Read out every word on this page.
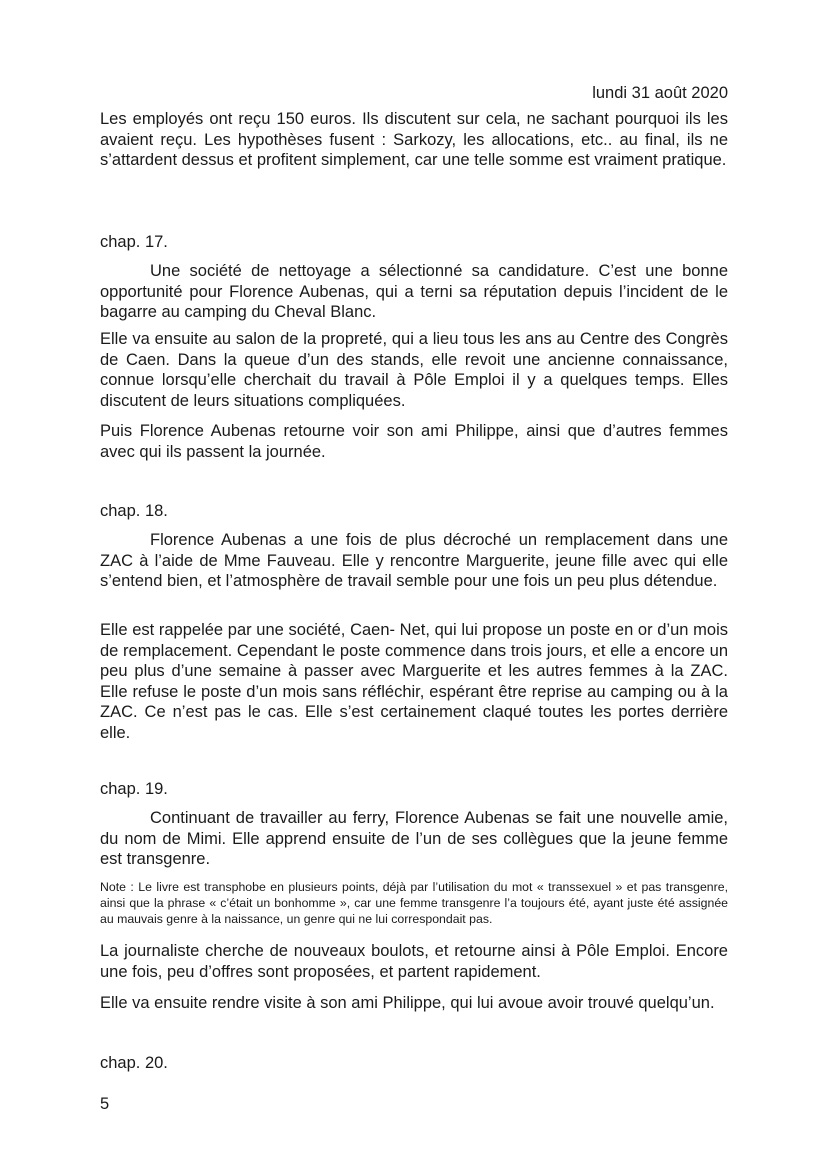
lundi 31 août 2020

Les employés ont reçu 150 euros. Ils discutent sur cela, ne sachant pourquoi ils les avaient reçu. Les hypothèses fusent : Sarkozy, les allocations, etc.. au final, ils ne s’attardent dessus et profitent simplement, car une telle somme est vraiment pratique.

chap. 17.

Une société de nettoyage a sélectionné sa candidature. C’est une bonne opportunité pour Florence Aubenas, qui a terni sa réputation depuis l’incident de le bagarre au camping du Cheval Blanc.

Elle va ensuite au salon de la propreté, qui a lieu tous les ans au Centre des Congrès de Caen. Dans la queue d’un des stands, elle revoit une ancienne connaissance, connue lorsqu’elle cherchait du travail à Pôle Emploi il y a quelques temps. Elles discutent de leurs situations compliquées.

Puis Florence Aubenas retourne voir son ami Philippe, ainsi que d’autres femmes avec qui ils passent la journée.

chap. 18.

Florence Aubenas a une fois de plus décroché un remplacement dans une ZAC à l’aide de Mme Fauveau. Elle y rencontre Marguerite, jeune fille avec qui elle s’entend bien, et l’atmosphère de travail semble pour une fois un peu plus détendue.

Elle est rappelée par une société, Caen- Net, qui lui propose un poste en or d’un mois de remplacement. Cependant le poste commence dans trois jours, et elle a encore un peu plus d’une semaine à passer avec Marguerite et les autres femmes à la ZAC. Elle refuse le poste d’un mois sans réfléchir, espérant être reprise au camping ou à la ZAC. Ce n’est pas le cas. Elle s’est certainement claqué toutes les portes derrière elle.

chap. 19.

Continuant de travailler au ferry, Florence Aubenas se fait une nouvelle amie, du nom de Mimi. Elle apprend ensuite de l’un de ses collègues que la jeune femme est transgenre.

Note : Le livre est transphobe en plusieurs points, déjà par l’utilisation du mot « transsexuel » et pas transgenre, ainsi que la phrase « c’était un bonhomme », car une femme transgenre l’a toujours été, ayant juste été assignée au mauvais genre à la naissance, un genre qui ne lui correspondait pas.

La journaliste cherche de nouveaux boulots, et retourne ainsi à Pôle Emploi. Encore une fois, peu d’offres sont proposées, et partent rapidement.

Elle va ensuite rendre visite à son ami Philippe, qui lui avoue avoir trouvé quelqu’un.

chap. 20.

5
